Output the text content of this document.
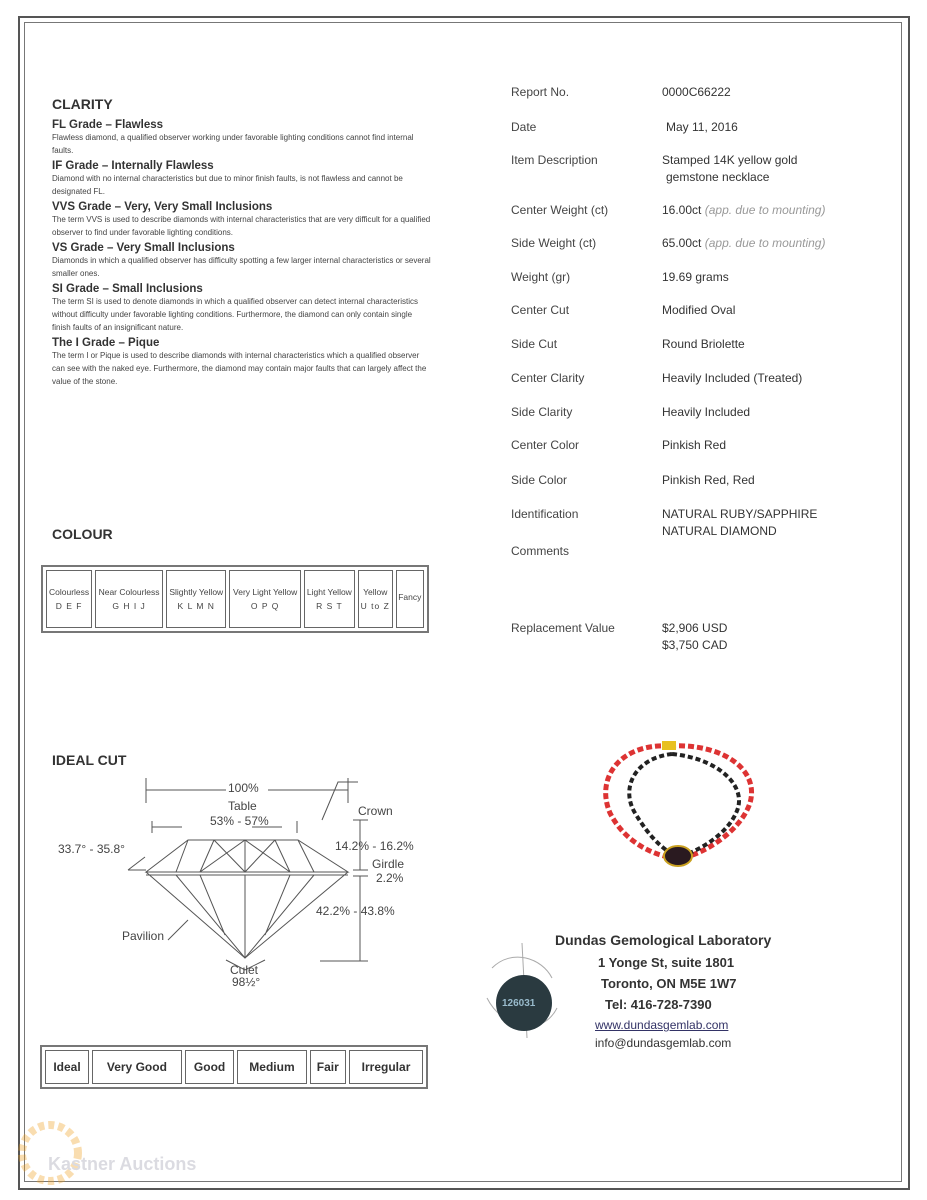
CLARITY
FL Grade – Flawless
Flawless diamond, a qualified observer working under favorable lighting conditions cannot find internal faults.
IF Grade – Internally Flawless
Diamond with no internal characteristics but due to minor finish faults, is not flawless and cannot be designated FL.
VVS Grade – Very, Very Small Inclusions
The term VVS is used to describe diamonds with internal characteristics that are very difficult for a qualified observer to find under favorable lighting conditions.
VS Grade – Very Small Inclusions
Diamonds in which a qualified observer has difficulty spotting a few larger internal characteristics or several smaller ones.
SI Grade – Small Inclusions
The term SI is used to denote diamonds in which a qualified observer can detect internal characteristics without difficulty under favorable lighting conditions. Furthermore, the diamond can only contain single finish faults of an insignificant nature.
The I Grade – Pique
The term I or Pique is used to describe diamonds with internal characteristics which a qualified observer can see with the naked eye. Furthermore, the diamond may contain major faults that can largely affect the value of the stone.
COLOUR
Colourless
D E F

Near Colourless
G H I J

Slightly Yellow
K L M N

Very Light Yellow
O P Q

Light Yellow
R S T

Yellow
U to Z

Fancy
IDEAL CUT
100%
Table
53% - 57%
Crown
33.7° - 35.8°	14.2% - 16.2%
Girdle
2.2%
42.2% - 43.8%
Pavilion
Culet
98½°
Ideal	Very Good	Good	Medium	Fair	Irregular
Report No.	0000C66222
Date	May 11, 2016
Item Description	Stamped 14K yellow gold
gemstone necklace
Center Weight (ct)	16.00ct (app. due to mounting)
Side Weight (ct)	65.00ct (app. due to mounting)
Weight (gr)	19.69 grams
Center Cut	Modified Oval
Side Cut	Round Briolette
Center Clarity	Heavily Included (Treated)
Side Clarity	Heavily Included
Center Color	Pinkish Red
Side Color	Pinkish Red, Red
Identification	NATURAL RUBY/SAPPHIRE
NATURAL DIAMOND
Comments
Replacement Value	$2,906 USD
$3,750 CAD
126031
Dundas Gemological Laboratory
1 Yonge St, suite 1801
Toronto, ON M5E 1W7
Tel: 416-728-7390
www.dundasgemlab.com
info@dundasgemlab.com
Kastner Auctions
